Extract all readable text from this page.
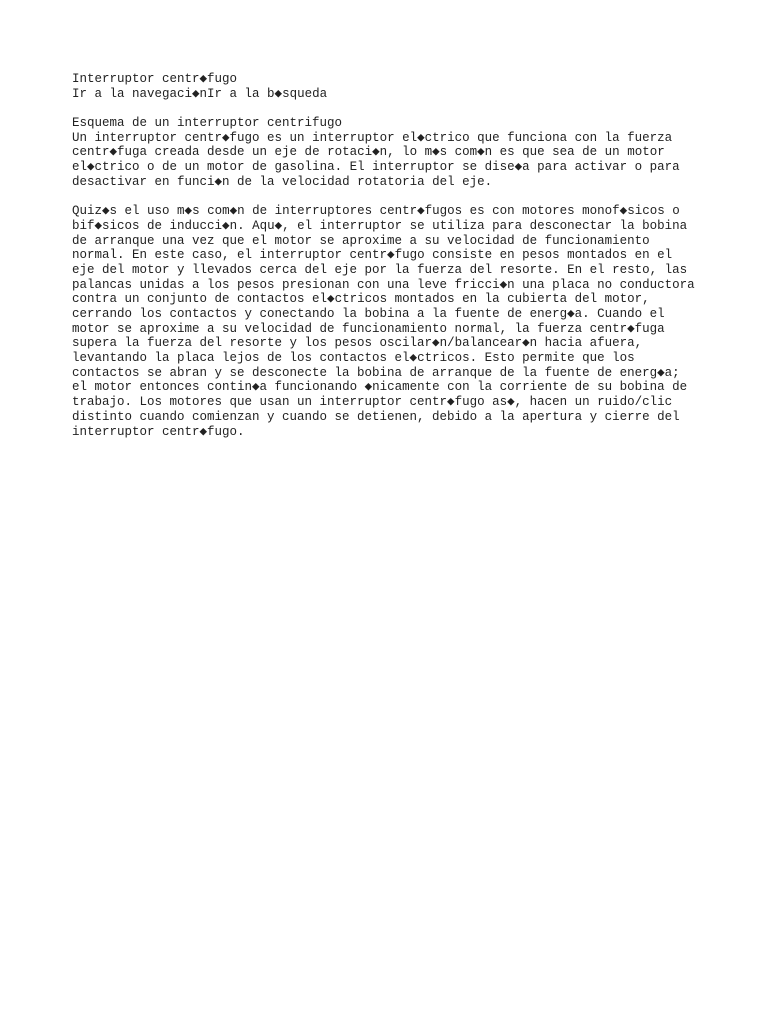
Interruptor centr◆fugo
Ir a la navegaci◆nIr a la b◆squeda
Esquema de un interruptor centrifugo
Un interruptor centr◆fugo es un interruptor el◆ctrico que funciona con la fuerza
centr◆fuga creada desde un eje de rotaci◆n, lo m◆s com◆n es que sea de un motor
el◆ctrico o de un motor de gasolina. El interruptor se dise◆a para activar o para
desactivar en funci◆n de la velocidad rotatoria del eje.
Quiz◆s el uso m◆s com◆n de interruptores centr◆fugos es con motores monof◆sicos o
bif◆sicos de inducci◆n. Aqu◆, el interruptor se utiliza para desconectar la bobina
de arranque una vez que el motor se aproxime a su velocidad de funcionamiento
normal. En este caso, el interruptor centr◆fugo consiste en pesos montados en el
eje del motor y llevados cerca del eje por la fuerza del resorte. En el resto, las
palancas unidas a los pesos presionan con una leve fricci◆n una placa no conductora
contra un conjunto de contactos el◆ctricos montados en la cubierta del motor,
cerrando los contactos y conectando la bobina a la fuente de energ◆a. Cuando el
motor se aproxime a su velocidad de funcionamiento normal, la fuerza centr◆fuga
supera la fuerza del resorte y los pesos oscilar◆n/balancear◆n hacia afuera,
levantando la placa lejos de los contactos el◆ctricos. Esto permite que los
contactos se abran y se desconecte la bobina de arranque de la fuente de energ◆a;
el motor entonces contin◆a funcionando ◆nicamente con la corriente de su bobina de
trabajo. Los motores que usan un interruptor centr◆fugo as◆, hacen un ruido/clic
distinto cuando comienzan y cuando se detienen, debido a la apertura y cierre del
interruptor centr◆fugo.
